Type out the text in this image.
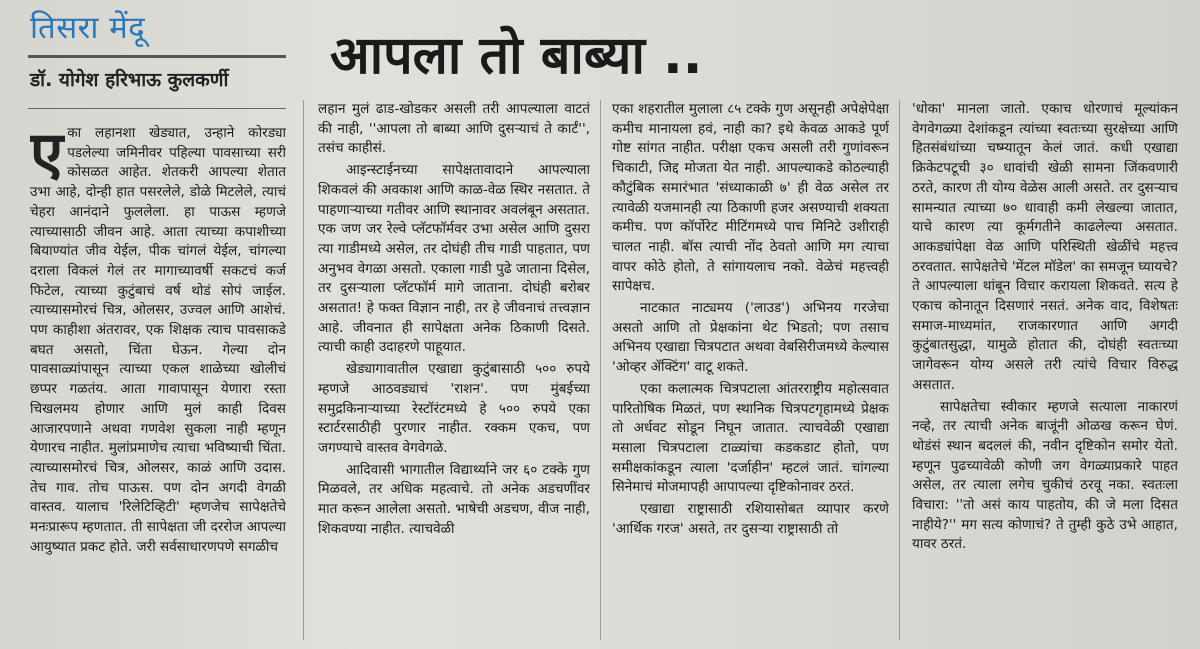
तिसरा मेंदू
डॉ. योगेश हरिभाऊ कुलकर्णी आपला तो बाब्या ..
ए का लहानशा खेड्यात, उन्हाने कोरड्या पडलेल्या जमिनीवर पहिल्या पावसाच्या सरी कोसळत आहेत. शेतकरी आपल्या शेतात उभा आहे, दोन्ही हात पसरलेले, डोळे मिटलेले, त्याचं चेहरा आनंदाने फुललेला. हा पाऊस म्हणजे त्याच्यासाठी जीवन आहे. आता त्याच्या कपाशीच्या बियाण्यांत जीव येईल, पीक चांगलं येईल, चांगल्या दराला विकलं गेलं तर मागाच्यावर्षी सकटचं कर्ज फिटेल, त्याच्या कुटुंबाचं वर्ष थोडं सोपं जाईल. त्याच्यासमोरचं चित्र, ओलसर, उज्वल आणि आशेचं. पण काहीशा अंतरावर, एक शिक्षक त्याच पावसाकडे बघत असतो, चिंता घेऊन. गेल्या दोन पावसाळ्यांपासून त्याच्या एकल शाळेच्या खोलीचं छप्पर गळतंय. आता गावापासून येणारा रस्ता चिखलमय होणार आणि मुलं काही दिवस आजारपणाने अथवा गणवेश सुकला नाही म्हणून येणारच नाहीत. मुलांप्रमाणेच त्याचा भविष्याची चिंता. त्याच्यासमोरचं चित्र, ओलसर, काळं आणि उदास. तेच गाव. तोच पाऊस. पण दोन अगदी वेगळी वास्तव. यालाच 'रिलेटिव्हिटी' म्हणजेच सापेक्षतेचे मनःप्रारूप म्हणतात. ती सापेक्षता जी दररोज आपल्या आयुष्यात प्रकट होते. जरी सर्वसाधारणपणे सगळीच

लहान मुलं ढाड-खोडकर असली तरी आपल्याला वाटतं की नाही, ''आपला तो बाब्या आणि दुसऱ्याचं ते कार्टं'', तसंच काहीसं.

आइन्स्टाईनच्या सापेक्षतावादाने आपल्याला शिकवलं की अवकाश आणि काळ-वेळ स्थिर नसतात. ते पाहणाऱ्याच्या गतीवर आणि स्थानावर अवलंबून असतात. एक जण जर रेल्वे प्लॅटफॉर्मवर उभा असेल आणि दुसरा त्या गाडीमध्ये असेल, तर दोघंही तीच गाडी पाहतात, पण अनुभव वेगळा असतो. एकाला गाडी पुढे जाताना दिसेल, तर दुसऱ्याला प्लॅटफॉर्म मागे जाताना. दोघंही बरोबर असतात! हे फक्त विज्ञान नाही, तर हे जीवनाचं तत्त्वज्ञान आहे. जीवनात ही सापेक्षता अनेक ठिकाणी दिसते. त्याची काही उदाहरणे पाहूयात.

खेड्यागावातील एखाद्या कुटुंबासाठी ५०० रुपये म्हणजे आठवड्याचं 'राशन'. पण मुंबईच्या समुद्रकिनाऱ्याच्या रेस्टॉरंटमध्ये हे ५०० रुपये एका स्टार्टरसाठीही पुरणार नाहीत. रक्कम एकच, पण जगण्याचे वास्तव वेगवेगळे.

आदिवासी भागातील विद्यार्थ्याने जर ६० टक्के गुण मिळवले, तर अधिक महत्वाचे. तो अनेक अडचणींवर मात करून आलेला असतो. भाषेची अडचण, वीज नाही, शिकवण्या नाहीत. त्याचवेळी

एका शहरातील मुलाला ८५ टक्के गुण असूनही अपेक्षेपेक्षा कमीच मानायला हवं, नाही का? इथे केवळ आकडे पूर्ण गोष्ट सांगत नाहीत. परीक्षा एकच असली तरी गुणांवरून चिकाटी, जिद्द मोजता येत नाही. आपल्याकडे कोठल्याही कौटुंबिक समारंभात 'संध्याकाळी ७' ही वेळ असेल तर त्यावेळी यजमानही त्या ठिकाणी हजर असण्याची शक्यता कमीच. पण कॉर्पोरेट मीटिंगमध्ये पाच मिनिटे उशीराही चालत नाही. बॉस त्याची नोंद ठेवतो आणि मग त्याचा वापर कोठे होतो, ते सांगायलाच नको. वेळेचं महत्त्वही सापेक्षच.

नाटकात नाट्यमय ('लाउड') अभिनय गरजेचा असतो आणि तो प्रेक्षकांना थेट भिडतो; पण तसाच अभिनय एखाद्या चित्रपटात अथवा वेबसिरीजमध्ये केल्यास 'ओव्हर ॲक्टिंग' वाटू शकते.

एका कलात्मक चित्रपटाला आंतरराष्ट्रीय महोत्सवात पारितोषिक मिळतं, पण स्थानिक चित्रपटगृहामध्ये प्रेक्षक तो अर्धवट सोडून निघून जातात. त्याचवेळी एखाद्या मसाला चित्रपटाला टाळ्यांचा कडकडाट होतो, पण समीक्षकांकडून त्याला 'दर्जाहीन' म्हटलं जातं. चांगल्या सिनेमाचं मोजमापही आपापल्या दृष्टिकोनावर ठरतं.

एखाद्या राष्ट्रासाठी रशियासोबत व्यापार करणे 'आर्थिक गरज' असते, तर दुसऱ्या राष्ट्रासाठी तो

'धोका' मानला जातो. एकाच धोरणाचं मूल्यांकन वेगवेगळ्या देशांकडून त्यांच्या स्वतःच्या सुरक्षेच्या आणि हितसंबंधांच्या चष्म्यातून केलं जातं. कधी एखाद्या क्रिकेटपटूची ३० धावांची खेळी सामना जिंकवणारी ठरते, कारण ती योग्य वेळेस आली असते. तर दुसऱ्याच सामन्यात त्याच्या ७० धावाही कमी लेखल्या जातात, याचे कारण त्या कूर्मगतीने काढलेल्या असतात. आकड्यांपेक्षा वेळ आणि परिस्थिती खेळींचे महत्त्व ठरवतात. सापेक्षतेचे 'मेंटल मॉडेल' का समजून घ्यायचे? ते आपल्याला थांबून विचार करायला शिकवते. सत्य हे एकाच कोनातून दिसणारं नसतं. अनेक वाद, विशेषतः समाज-माध्यमांत, राजकारणात आणि अगदी कुटुंबातसुद्धा, यामुळे होतात की, दोघंही स्वतःच्या जागेवरून योग्य असले तरी त्यांचे विचार विरुद्ध असतात.

सापेक्षतेचा स्वीकार म्हणजे सत्याला नाकारणं नव्हे, तर त्याची अनेक बाजूंनी ओळख करून घेणं. थोडंसं स्थान बदललं की, नवीन दृष्टिकोन समोर येतो. म्हणून पुढच्यावेळी कोणी जग वेगळ्याप्रकारे पाहत असेल, तर त्याला लगेच चुकीचं ठरवू नका. स्वतःला विचारा: ''तो असं काय पाहतोय, की जे मला दिसत नाहीये?'' मग सत्य कोणाचं? ते तुम्ही कुठे उभे आहात, यावर ठरतं.
